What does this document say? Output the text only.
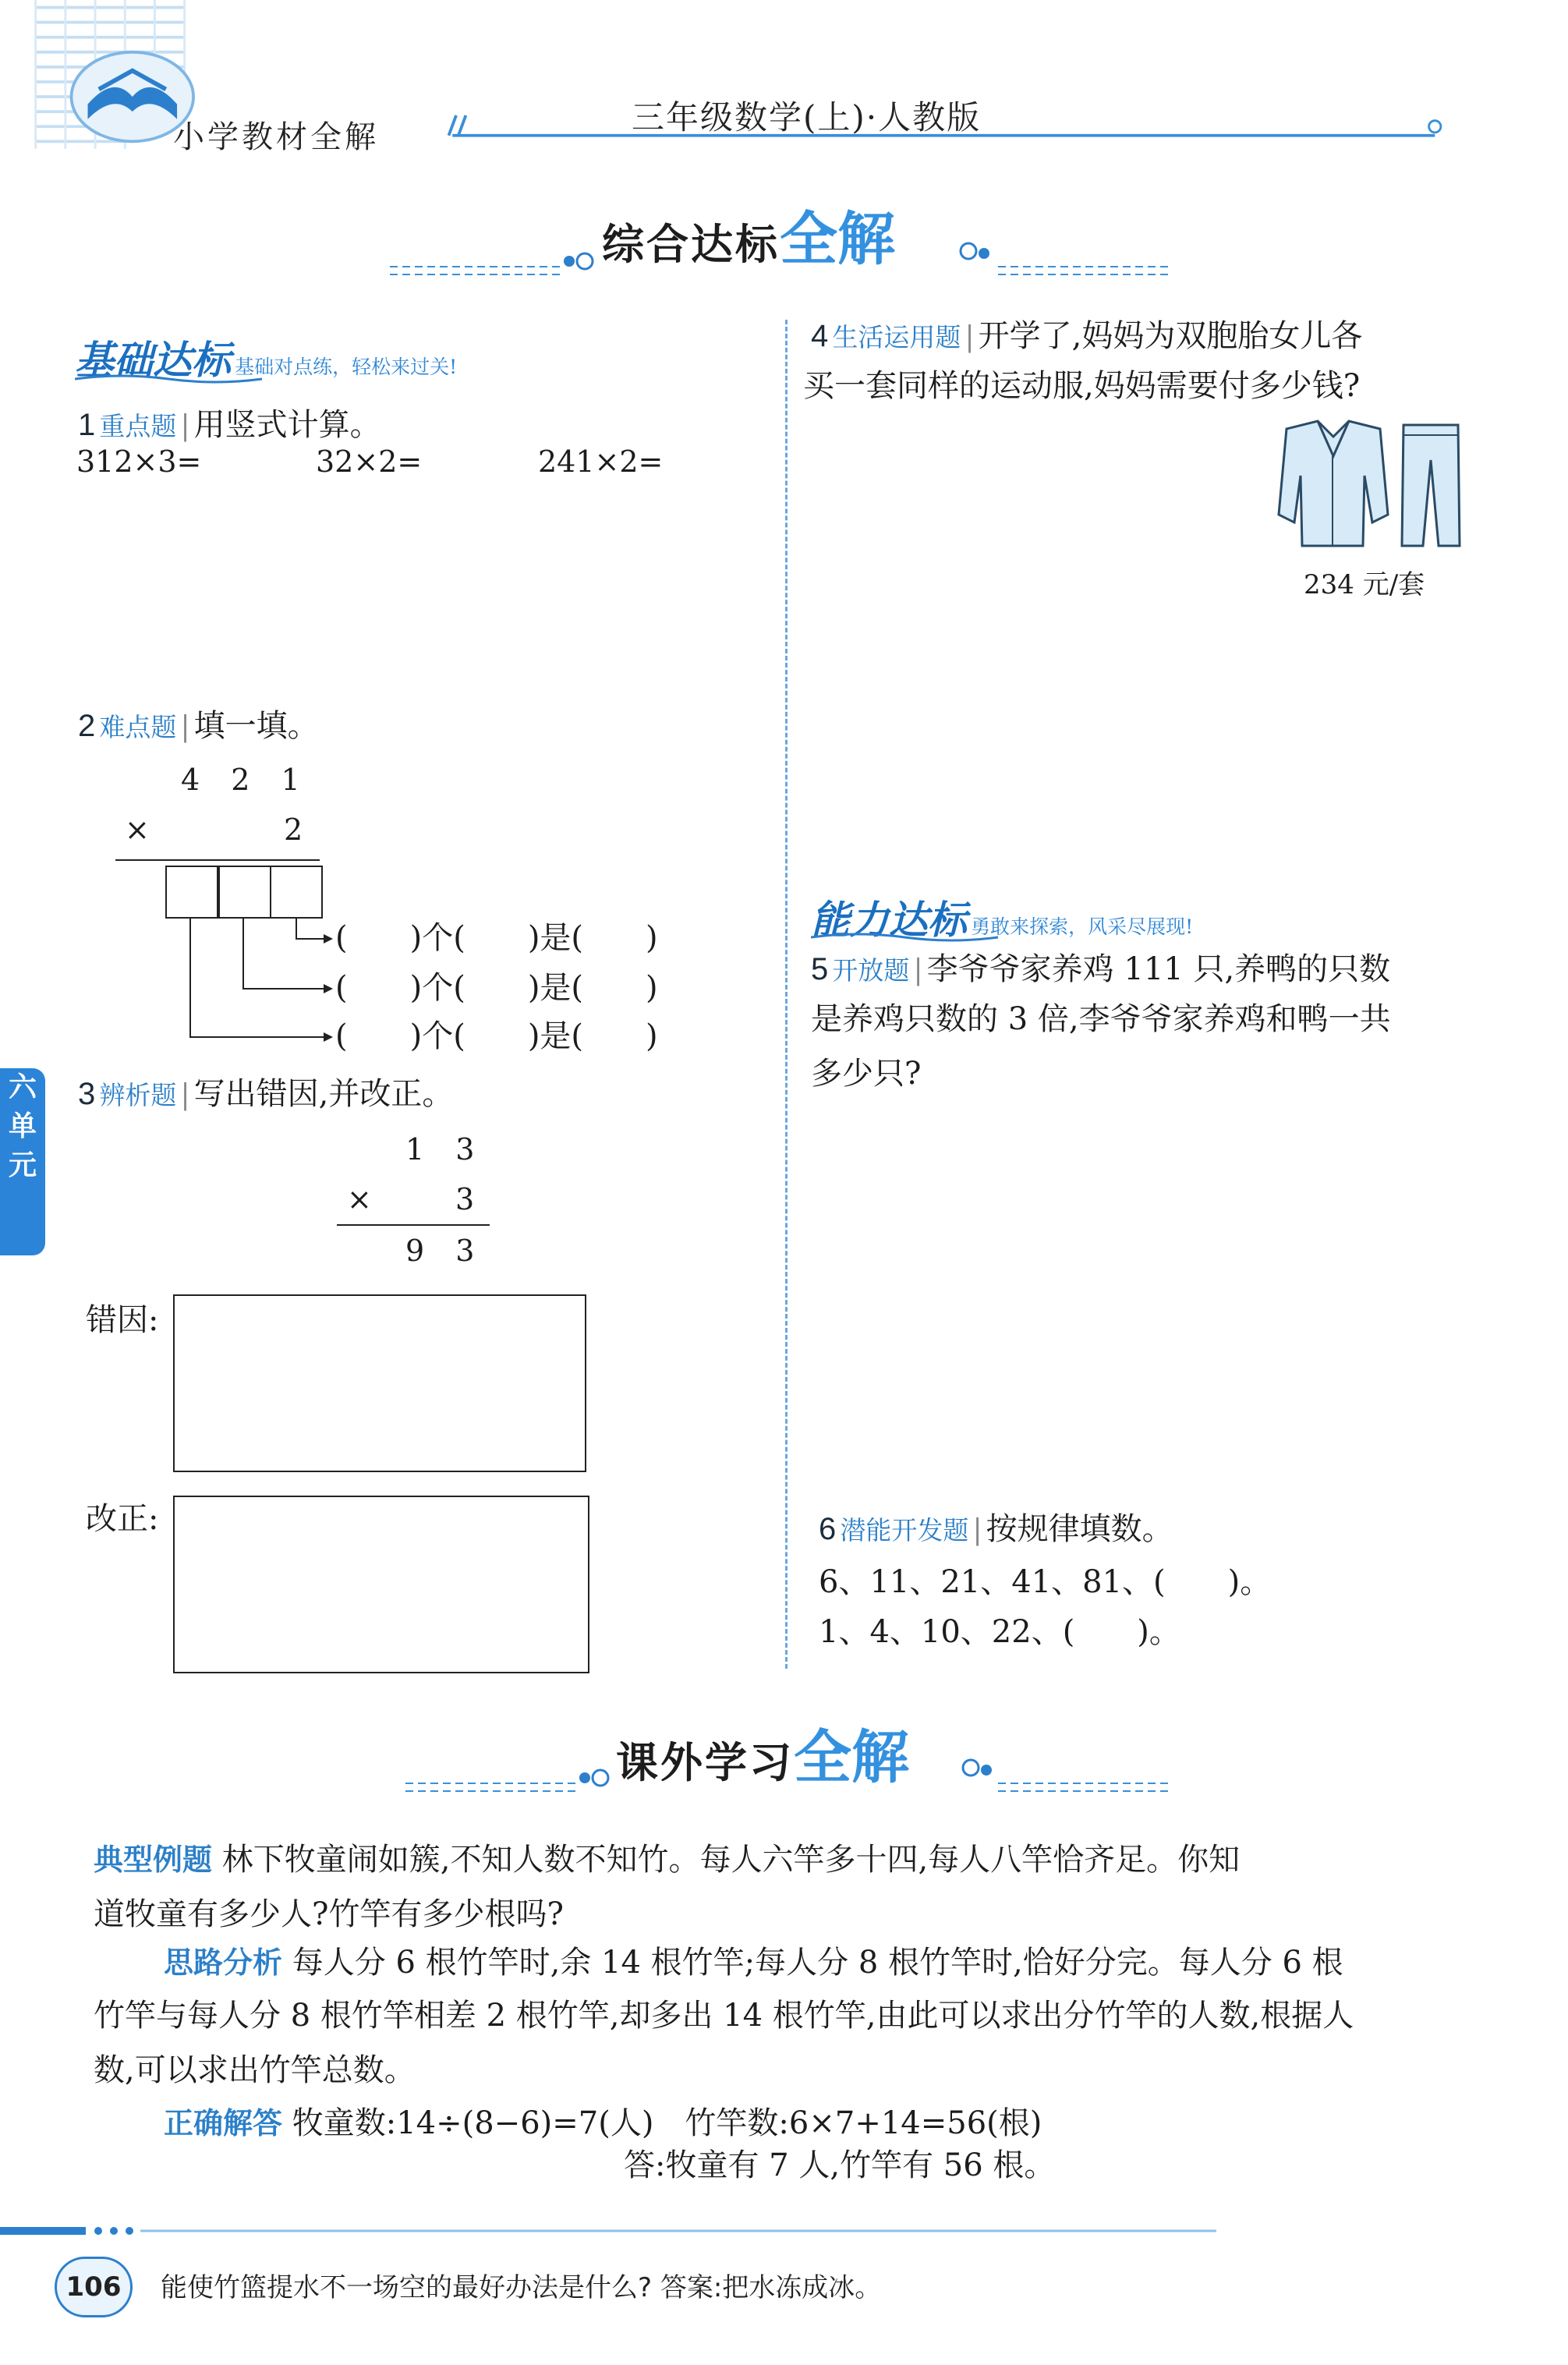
小学教材全解
三年级数学(上)·人教版
综合达标全解
基础达标 基础对点练，轻松来过关!
1 重点题 | 用竖式计算。
312×3=	32×2=	241×2=
2 难点题 | 填一填。
4 2 1
×	2
(　　)个(　　)是(　　)
(　　)个(　　)是(　　)
(　　)个(　　)是(　　)
3 辨析题 | 写出错因,并改正。
1 3
×	3
9 3
错因:
改正:
六
单
元
4 生活运用题 | 开学了,妈妈为双胞胎女儿各
买一套同样的运动服,妈妈需要付多少钱?
234 元/套
能力达标 勇敢来探索，风采尽展现!
5 开放题 | 李爷爷家养鸡 111 只,养鸭的只数
是养鸡只数的 3 倍,李爷爷家养鸡和鸭一共
多少只?
6 潜能开发题 | 按规律填数。
6、11、21、41、81、(　　)。
1、4、10、22、(　　)。
课外学习全解
典型例题 林下牧童闹如簇,不知人数不知竹。每人六竿多十四,每人八竿恰齐足。你知
道牧童有多少人?竹竿有多少根吗?
思路分析 每人分 6 根竹竿时,余 14 根竹竿;每人分 8 根竹竿时,恰好分完。每人分 6 根
竹竿与每人分 8 根竹竿相差 2 根竹竿,却多出 14 根竹竿,由此可以求出分竹竿的人数,根据人
数,可以求出竹竿总数。
正确解答 牧童数:14÷(8−6)=7(人)　竹竿数:6×7+14=56(根)
答:牧童有 7 人,竹竿有 56 根。
106	能使竹篮提水不一场空的最好办法是什么? 答案:把水冻成冰。
